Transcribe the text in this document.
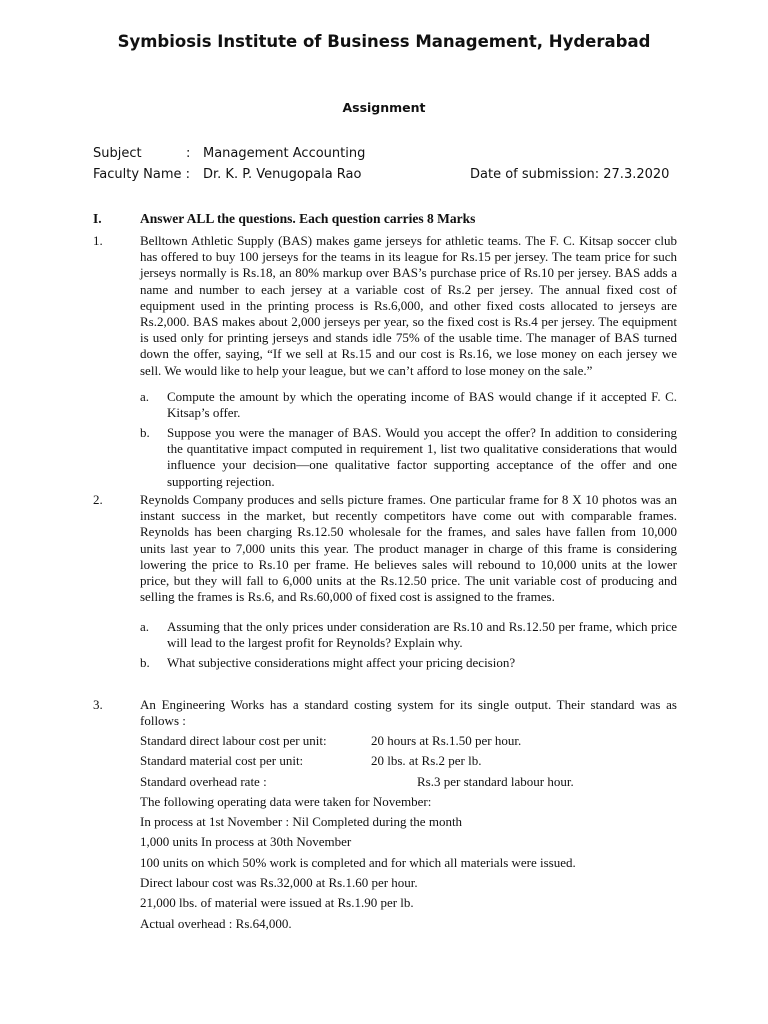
Symbiosis Institute of Business Management, Hyderabad
Assignment
Subject	: Management Accounting
Faculty Name : Dr. K. P. Venugopala Rao	Date of submission: 27.3.2020
I.	Answer ALL the questions. Each question carries 8 Marks
1.	Belltown Athletic Supply (BAS) makes game jerseys for athletic teams. The F. C. Kitsap soccer club has offered to buy 100 jerseys for the teams in its league for Rs.15 per jersey. The team price for such jerseys normally is Rs.18, an 80% markup over BAS’s purchase price of Rs.10 per jersey. BAS adds a name and number to each jersey at a variable cost of Rs.2 per jersey. The annual fixed cost of equipment used in the printing process is Rs.6,000, and other fixed costs allocated to jerseys are Rs.2,000. BAS makes about 2,000 jerseys per year, so the fixed cost is Rs.4 per jersey. The equipment is used only for printing jerseys and stands idle 75% of the usable time. The manager of BAS turned down the offer, saying, “If we sell at Rs.15 and our cost is Rs.16, we lose money on each jersey we sell. We would like to help your league, but we can’t afford to lose money on the sale.”
a. Compute the amount by which the operating income of BAS would change if it accepted F. C. Kitsap’s offer.
b. Suppose you were the manager of BAS. Would you accept the offer? In addition to considering the quantitative impact computed in requirement 1, list two qualitative considerations that would influence your decision—one qualitative factor supporting acceptance of the offer and one supporting rejection.
2.	Reynolds Company produces and sells picture frames. One particular frame for 8 X 10 photos was an instant success in the market, but recently competitors have come out with comparable frames. Reynolds has been charging Rs.12.50 wholesale for the frames, and sales have fallen from 10,000 units last year to 7,000 units this year. The product manager in charge of this frame is considering lowering the price to Rs.10 per frame. He believes sales will rebound to 10,000 units at the lower price, but they will fall to 6,000 units at the Rs.12.50 price. The unit variable cost of producing and selling the frames is Rs.6, and Rs.60,000 of fixed cost is assigned to the frames.
a. Assuming that the only prices under consideration are Rs.10 and Rs.12.50 per frame, which price will lead to the largest profit for Reynolds? Explain why.
b. What subjective considerations might affect your pricing decision?
3.	An Engineering Works has a standard costing system for its single output. Their standard was as follows :
Standard direct labour cost per unit:	20 hours at Rs.1.50 per hour.
Standard material cost per unit:	20 lbs. at Rs.2 per lb.
Standard overhead rate :	Rs.3 per standard labour hour.
The following operating data were taken for November:
In process at 1st November : Nil Completed during the month
1,000 units In process at 30th November
100 units on which 50% work is completed and for which all materials were issued.
Direct labour cost was Rs.32,000 at Rs.1.60 per hour.
21,000 lbs. of material were issued at Rs.1.90 per lb.
Actual overhead : Rs.64,000.
